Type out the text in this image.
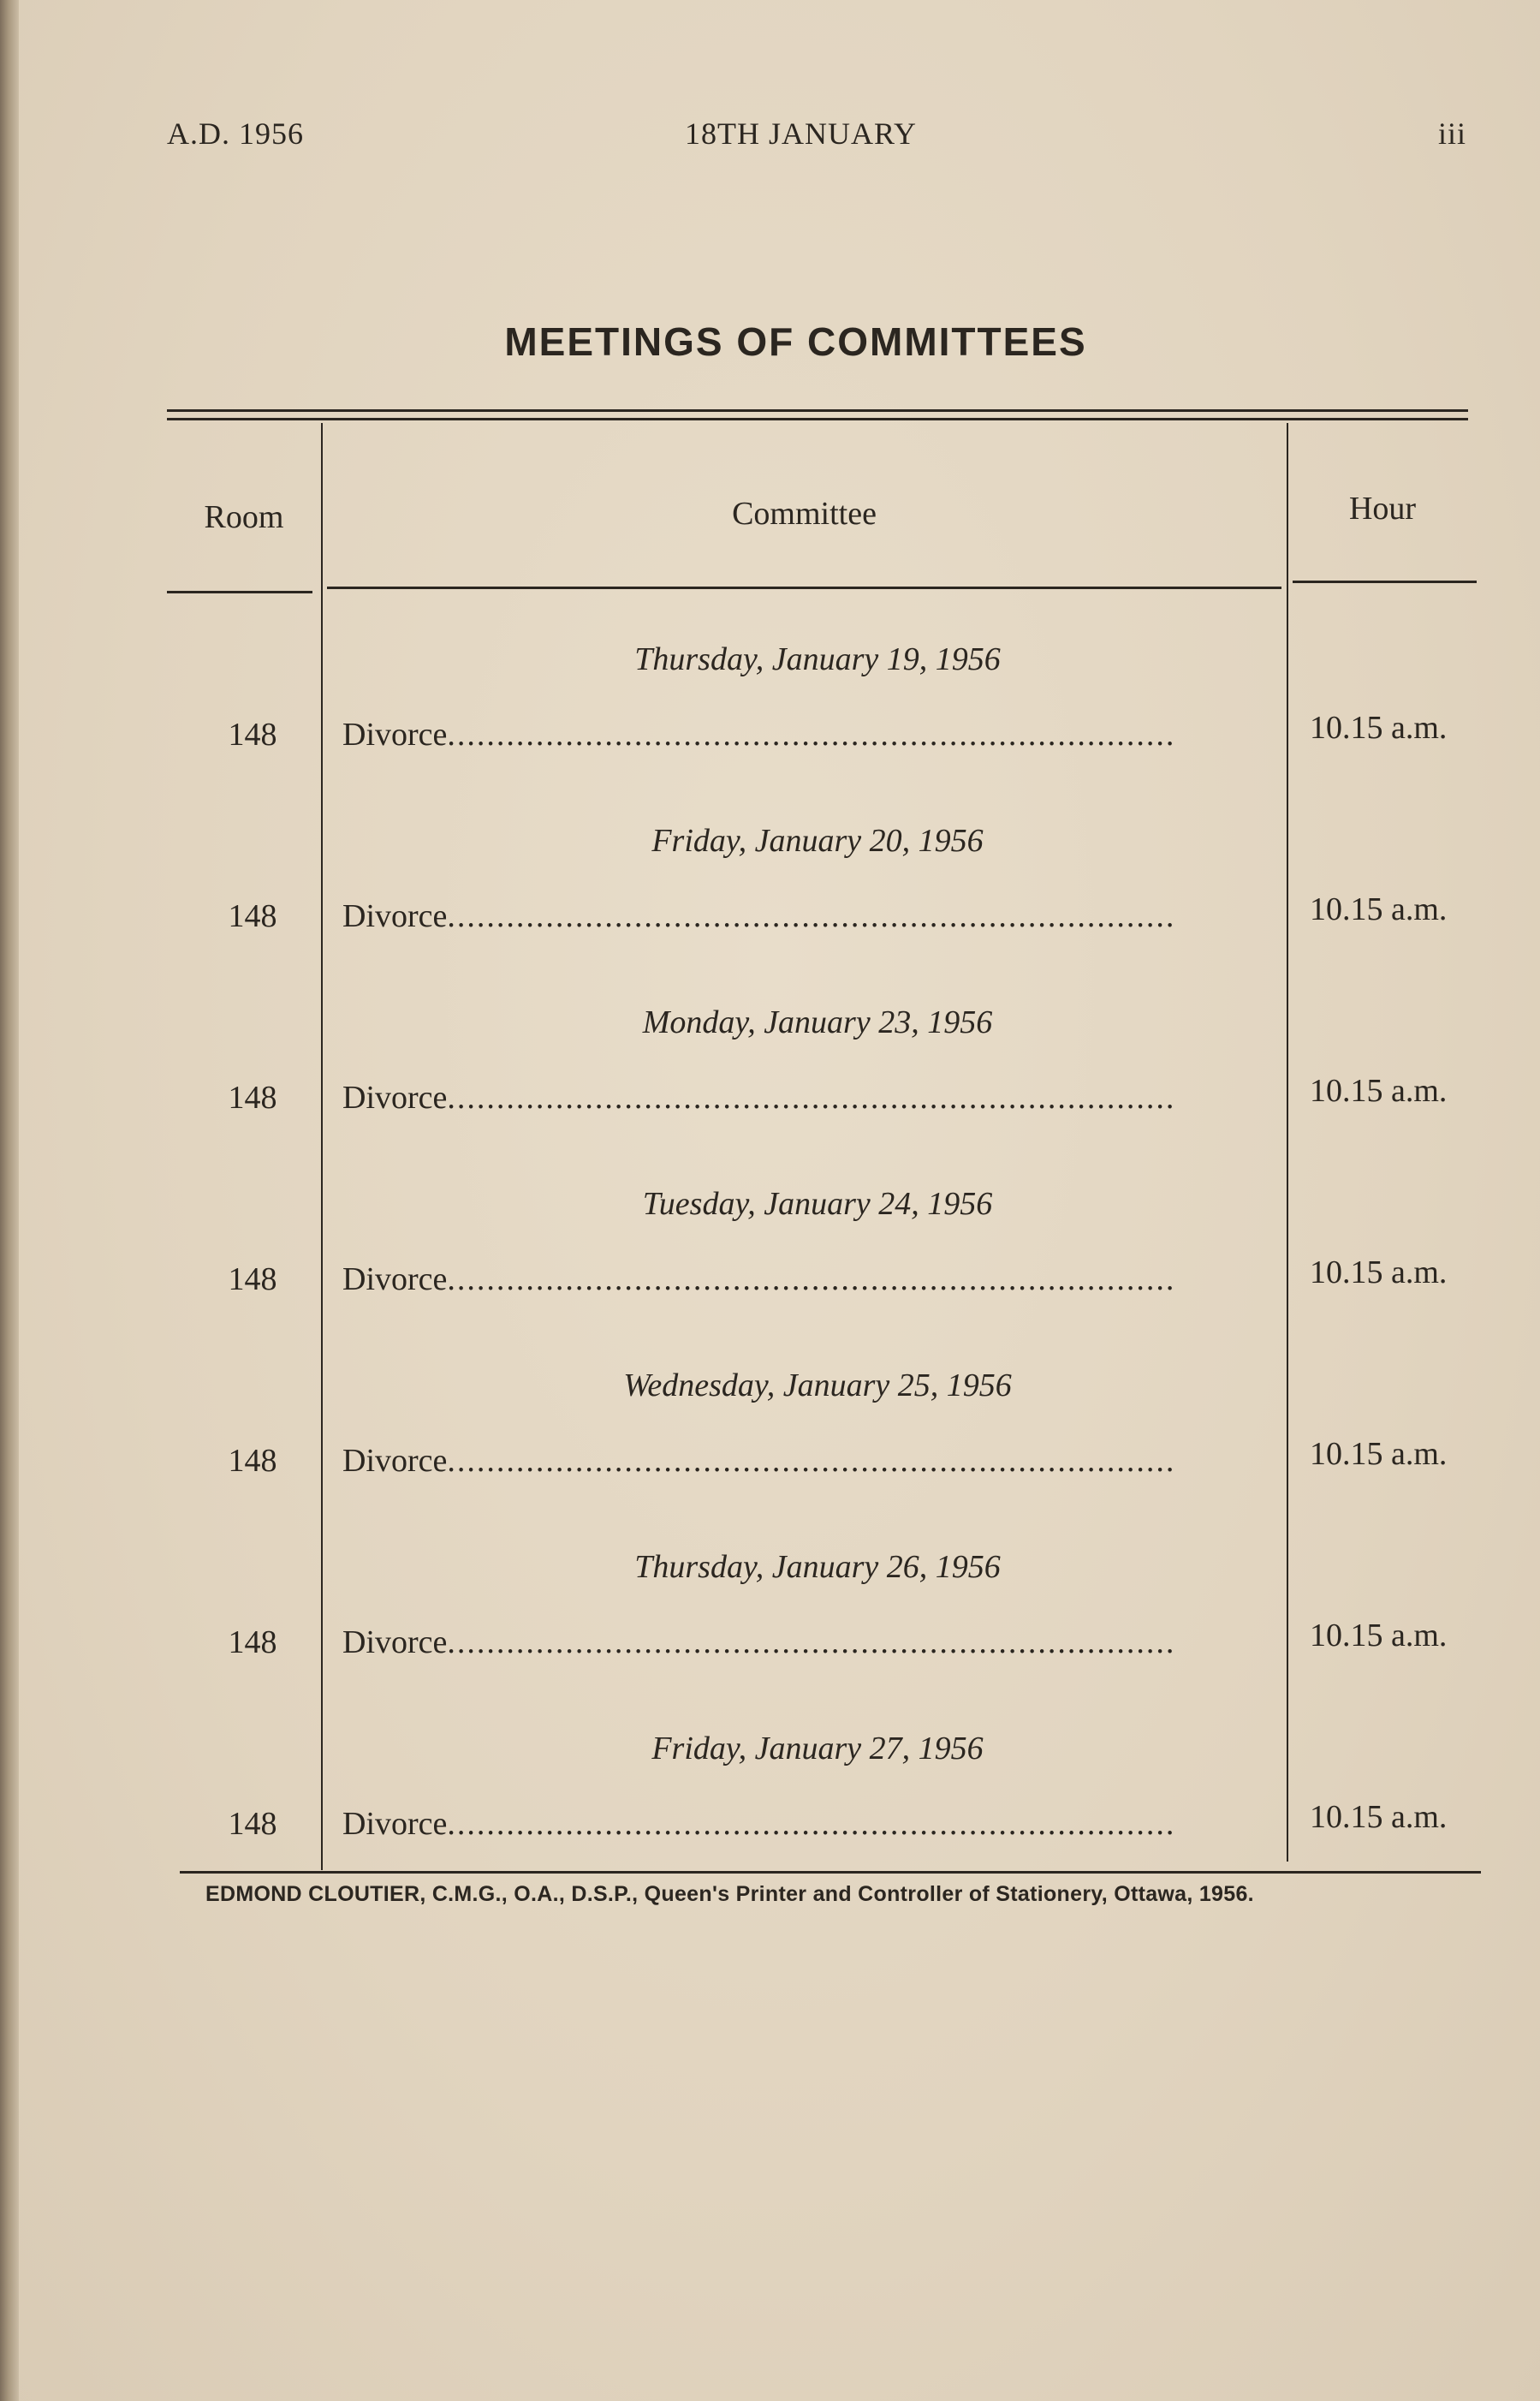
A.D. 1956	18TH JANUARY	iii
MEETINGS OF COMMITTEES
Room	Committee	Hour
Thursday, January 19, 1956
148	Divorce..........................................................................	10.15 a.m.
Friday, January 20, 1956
148	Divorce..........................................................................	10.15 a.m.
Monday, January 23, 1956
148	Divorce..........................................................................	10.15 a.m.
Tuesday, January 24, 1956
148	Divorce..........................................................................	10.15 a.m.
Wednesday, January 25, 1956
148	Divorce..........................................................................	10.15 a.m.
Thursday, January 26, 1956
148	Divorce..........................................................................	10.15 a.m.
Friday, January 27, 1956
148	Divorce..........................................................................	10.15 a.m.
EDMOND CLOUTIER, C.M.G., O.A., D.S.P., Queen's Printer and Controller of Stationery, Ottawa, 1956.
